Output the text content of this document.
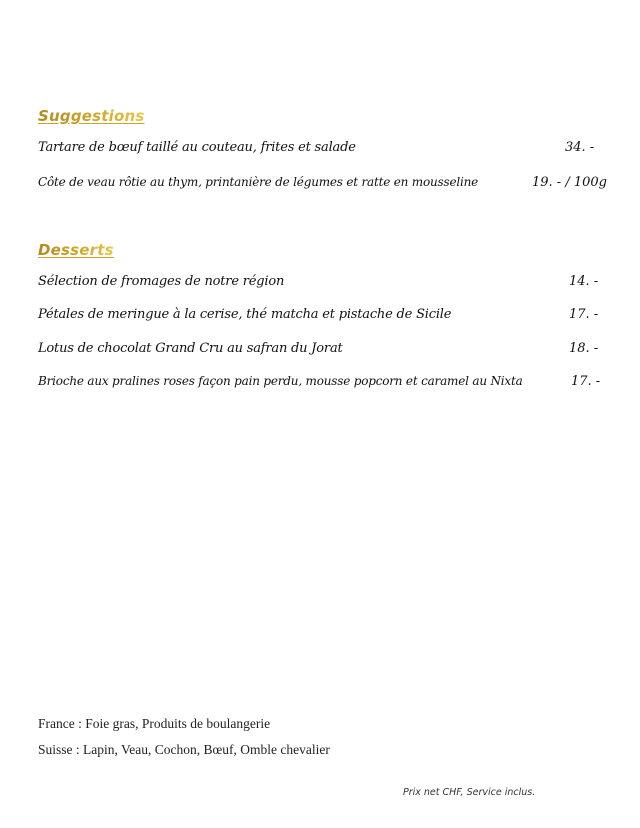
Suggestions
Tartare de bœuf taillé au couteau, frites et salade	34. -
Côte de veau rôtie au thym, printanière de légumes et ratte en mousseline	19. - / 100g
Desserts
Sélection de fromages de notre région	14. -
Pétales de meringue à la cerise, thé matcha et pistache de Sicile	17. -
Lotus de chocolat Grand Cru au safran du Jorat	18. -
Brioche aux pralines roses façon pain perdu, mousse popcorn et caramel au Nixta	17. -
France : Foie gras, Produits de boulangerie
Suisse : Lapin, Veau, Cochon, Bœuf, Omble chevalier
Prix net CHF, Service inclus.
